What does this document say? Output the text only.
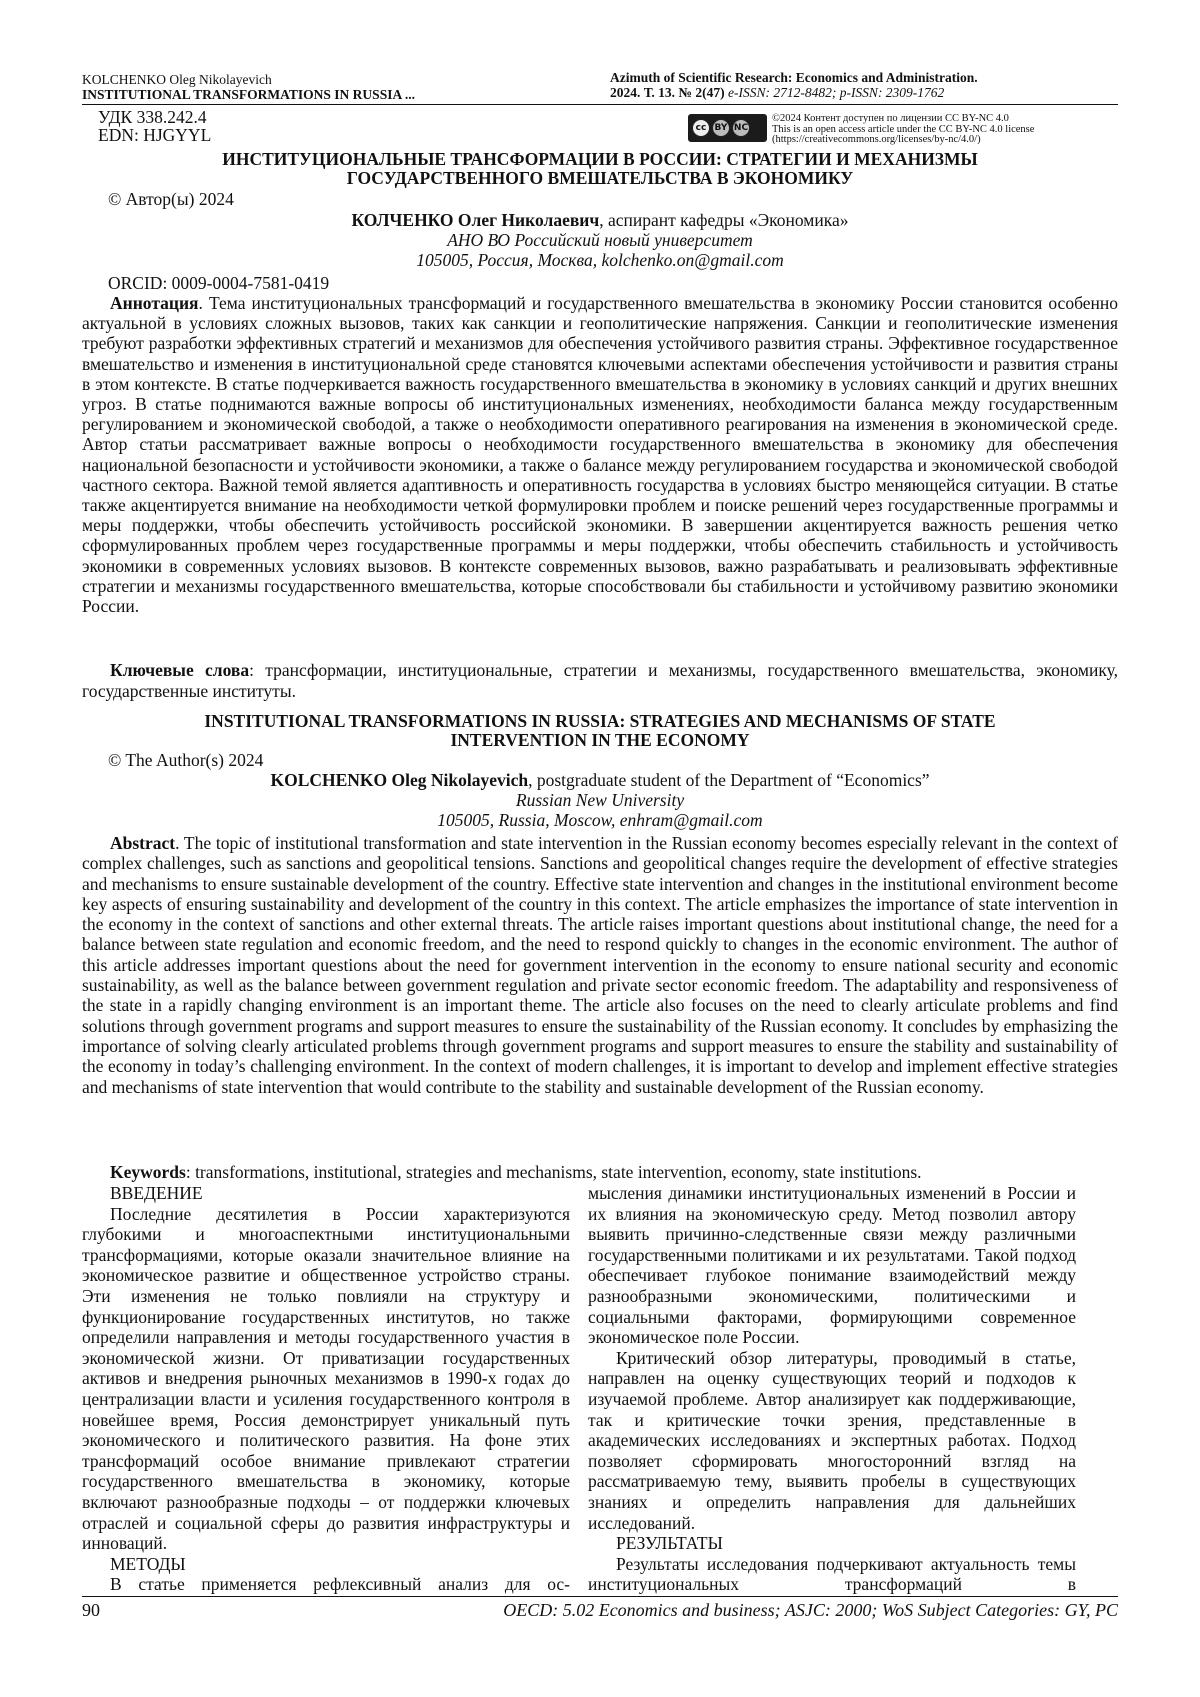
KOLCHENKO Oleg Nikolayevich
INSTITUTIONAL TRANSFORMATIONS IN RUSSIA ...
Azimuth of Scientific Research: Economics and Administration.
2024. Т. 13. № 2(47) e-ISSN: 2712-8482; p-ISSN: 2309-1762
УДК 338.242.4
EDN: HJGYYL	cc BY NC
©2024 Контент доступен по лицензии CC BY-NC 4.0
This is an open access article under the CC BY-NC 4.0 license
(https://creativecommons.org/licenses/by-nc/4.0/)
ИНСТИТУЦИОНАЛЬНЫЕ ТРАНСФОРМАЦИИ В РОССИИ: СТРАТЕГИИ И МЕХАНИЗМЫ
ГОСУДАРСТВЕННОГО ВМЕШАТЕЛЬСТВА В ЭКОНОМИКУ
© Автор(ы) 2024
КОЛЧЕНКО Олег Николаевич, аспирант кафедры «Экономика»
АНО ВО Российский новый университет
105005, Россия, Москва, kolchenko.on@gmail.com
ORCID: 0009-0004-7581-0419

Аннотация. Тема институциональных трансформаций и государственного вмешательства в экономику России становится особенно актуальной в условиях сложных вызовов, таких как санкции и геополитические напряжения. Санкции и геополитические изменения требуют разработки эффективных стратегий и механизмов для обеспечения устойчивого развития страны. Эффективное государственное вмешательство и изменения в институциональной среде становятся ключевыми аспектами обеспечения устойчивости и развития страны в этом контексте. В статье подчеркивается важность государственного вмешательства в экономику в условиях санкций и других внешних угроз. В статье поднимаются важные вопросы об институциональных изменениях, необходимости баланса между государственным регулированием и экономической свободой, а также о необходимости оперативного реагирования на изменения в экономической среде. Автор статьи рассматривает важные вопросы о необходимости государственного вмешательства в экономику для обеспечения национальной безопасности и устойчивости экономики, а также о балансе между регулированием государства и экономической свободой частного сектора. Важной темой является адаптивность и оперативность государства в условиях быстро меняющейся ситуации. В статье также акцентируется внимание на необходимости четкой формулировки проблем и поиске решений через государственные программы и меры поддержки, чтобы обеспечить устойчивость российской экономики. В завершении акцентируется важность решения четко сформулированных проблем через государственные программы и меры поддержки, чтобы обеспечить стабильность и устойчивость экономики в современных условиях вызовов. В контексте современных вызовов, важно разрабатывать и реализовывать эффективные стратегии и механизмы государственного вмешательства, которые способствовали бы стабильности и устойчивому развитию экономики России.

Ключевые слова: трансформации, институциональные, стратегии и механизмы, государственного вмешательства, экономику, государственные институты.

INSTITUTIONAL TRANSFORMATIONS IN RUSSIA: STRATEGIES AND MECHANISMS OF STATE
INTERVENTION IN THE ECONOMY
© The Author(s) 2024
KOLCHENKO Oleg Nikolayevich, postgraduate student of the Department of “Economics”
Russian New University
105005, Russia, Moscow, enhram@gmail.com

Abstract. The topic of institutional transformation and state intervention in the Russian economy becomes especially relevant in the context of complex challenges, such as sanctions and geopolitical tensions. Sanctions and geopolitical changes require the development of effective strategies and mechanisms to ensure sustainable development of the country. Effective state intervention and changes in the institutional environment become key aspects of ensuring sustainability and development of the country in this context. The article emphasizes the importance of state intervention in the economy in the context of sanctions and other external threats. The article raises important questions about institutional change, the need for a balance between state regulation and economic freedom, and the need to respond quickly to changes in the economic environment. The author of this article addresses important questions about the need for government intervention in the economy to ensure national security and economic sustainability, as well as the balance between government regulation and private sector economic freedom. The adaptability and responsiveness of the state in a rapidly changing environment is an important theme. The article also focuses on the need to clearly articulate problems and find solutions through government programs and support measures to ensure the sustainability of the Russian economy. It concludes by emphasizing the importance of solving clearly articulated problems through government programs and support measures to ensure the stability and sustainability of the economy in today’s challenging environment. In the context of modern challenges, it is important to develop and implement effective strategies and mechanisms of state intervention that would contribute to the stability and sustainable development of the Russian economy.

Keywords: transformations, institutional, strategies and mechanisms, state intervention, economy, state institutions.

ВВЕДЕНИЕ

Последние десятилетия в России характеризуются глубокими и многоаспектными институциональными трансформациями, которые оказали значительное влияние на экономическое развитие и общественное устройство страны. Эти изменения не только повлияли на структуру и функционирование государственных институтов, но также определили направления и методы государственного участия в экономической жизни. От приватизации государственных активов и внедрения рыночных механизмов в 1990-х годах до централизации власти и усиления государственного контроля в новейшее время, Россия демонстрирует уникальный путь экономического и политического развития. На фоне этих трансформаций особое внимание привлекают стратегии государственного вмешательства в экономику, которые включают разнообразные подходы – от поддержки ключевых отраслей и социальной сферы до развития инфраструктуры и инноваций.

МЕТОДЫ

В статье применяется рефлексивный анализ для ос-

мысления динамики институциональных изменений в России и их влияния на экономическую среду. Метод позволил автору выявить причинно-следственные связи между различными государственными политиками и их результатами. Такой подход обеспечивает глубокое понимание взаимодействий между разнообразными экономическими, политическими и социальными факторами, формирующими современное экономическое поле России.

Критический обзор литературы, проводимый в статье, направлен на оценку существующих теорий и подходов к изучаемой проблеме. Автор анализирует как поддерживающие, так и критические точки зрения, представленные в академических исследованиях и экспертных работах. Подход позволяет сформировать многосторонний взгляд на рассматриваемую тему, выявить пробелы в существующих знаниях и определить направления для дальнейших исследований.

РЕЗУЛЬТАТЫ

Результаты исследования подчеркивают актуальность темы институциональных трансформаций в

90	OECD: 5.02 Economics and business; ASJC: 2000; WoS Subject Categories: GY, PC
